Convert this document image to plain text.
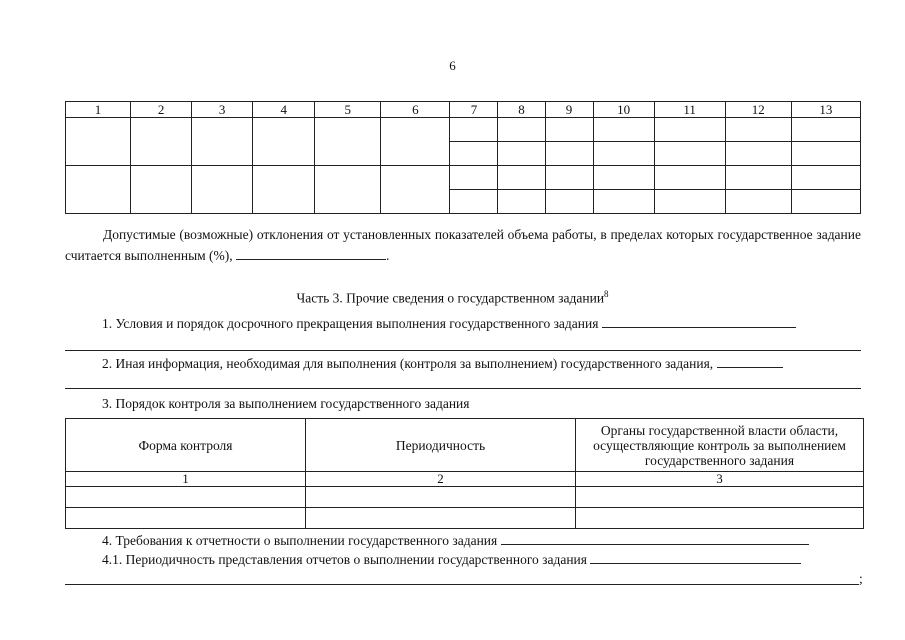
6
1	2	3	4	5	6	7	8	9	10	11	12	13

Допустимые (возможные) отклонения от установленных показателей объема работы, в пределах которых государственное задание считается выполненным (%),	.
Часть 3. Прочие сведения о государственном задании$^8$
1. Условия и порядок досрочного прекращения выполнения государственного задания
2. Иная информация, необходимая для выполнения (контроля за выполнением) государственного задания,
3. Порядок контроля за выполнением государственного задания
Форма контроля	Периодичность	Органы государственной власти области, осуществляющие контроль за выполнением государственного задания
1	2	3

4. Требования к отчетности о выполнении государственного задания
4.1. Периодичность представления отчетов о выполнении государственного задания
;
